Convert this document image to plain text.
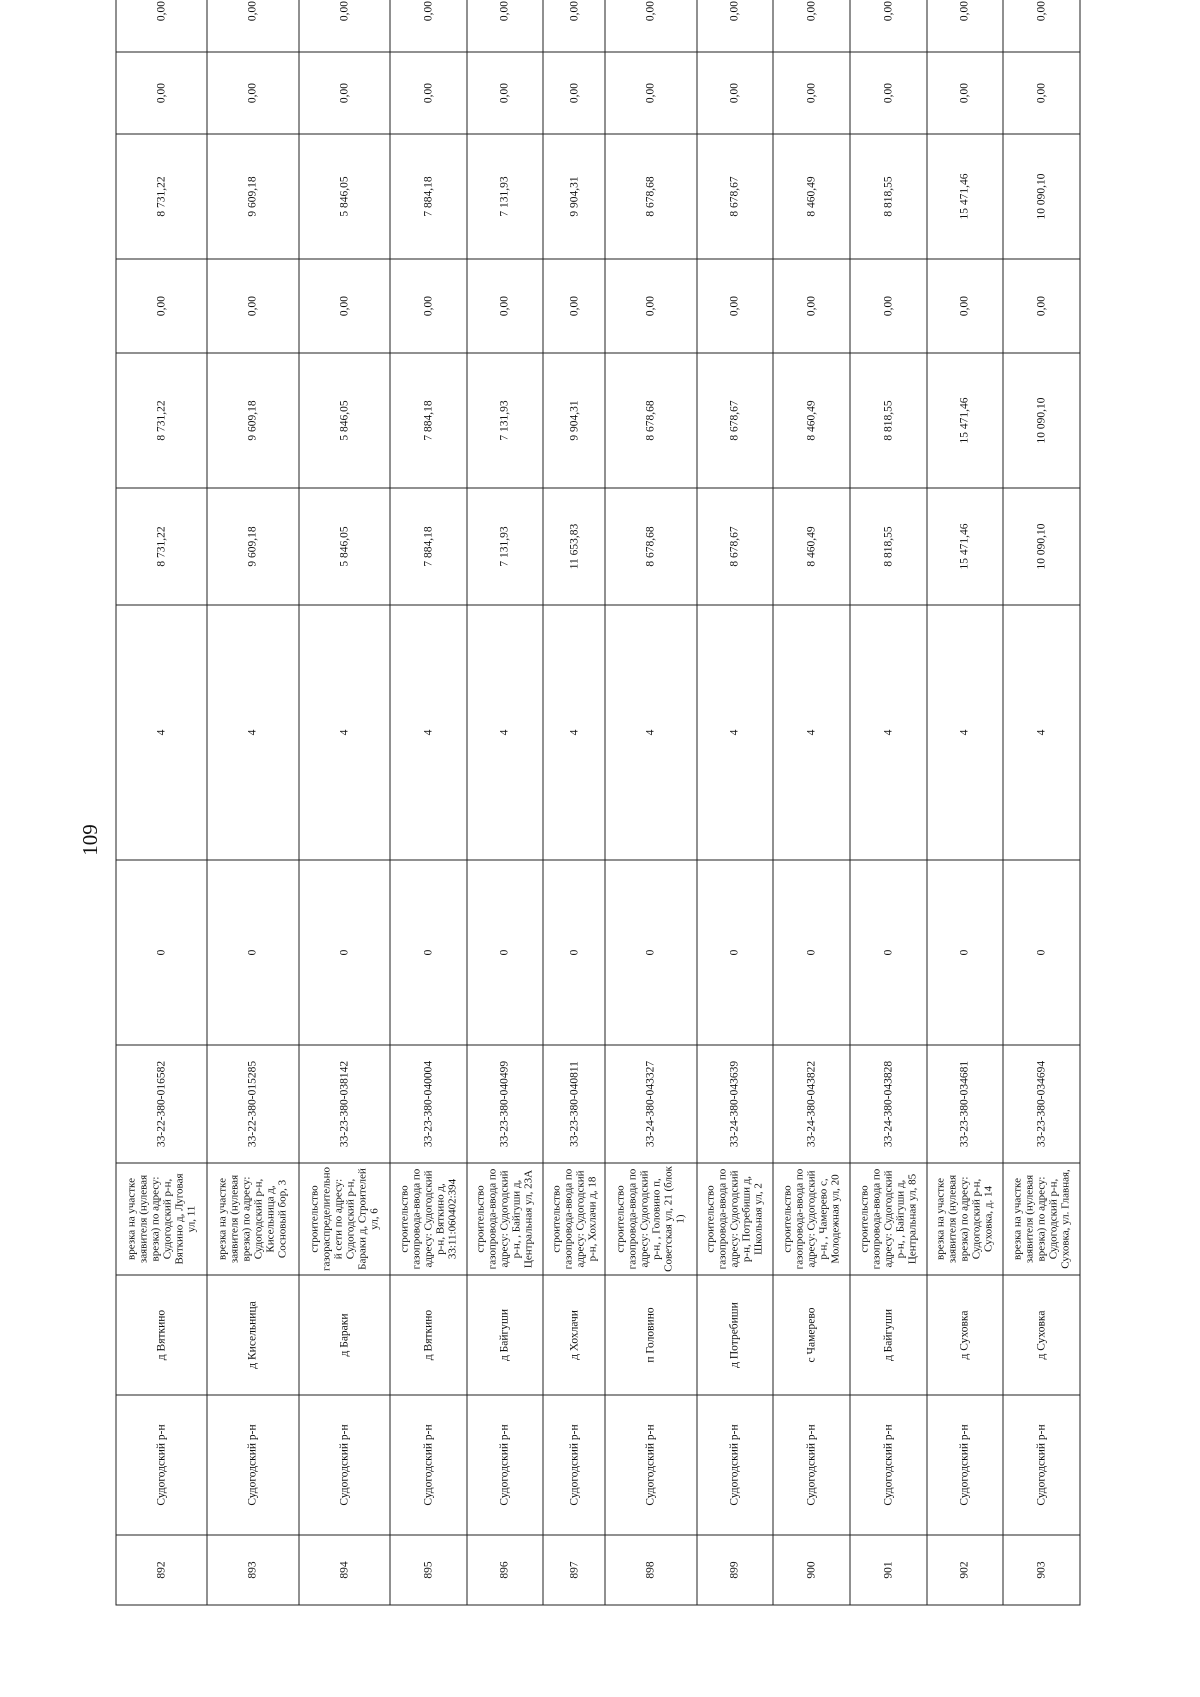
109
892	Судогодский р-н	д Вяткино	врезка на участке заявителя (нулевая врезка) по адресу: Судогодский р-н, Вяткино д, Луговая ул, 11	33-22-380-016582	0	4	8 731,22	8 731,22	0,00	8 731,22	0,00	0,00
893	Судогодский р-н	д Кисельница	врезка на участке заявителя (нулевая врезка) по адресу: Судогодский р-н, Кисельница д, Сосновый бор, 3	33-22-380-015285	0	4	9 609,18	9 609,18	0,00	9 609,18	0,00	0,00
894	Судогодский р-н	д Бараки	строительство газораспределительной сети по адресу: Судогодский р-н, Бараки д, Строителей ул, 6	33-23-380-038142	0	4	5 846,05	5 846,05	0,00	5 846,05	0,00	0,00
895	Судогодский р-н	д Вяткино	строительство газопровода-ввода по адресу: Судогодский р-н, Вяткино д, 33:11:060402:394	33-23-380-040004	0	4	7 884,18	7 884,18	0,00	7 884,18	0,00	0,00
896	Судогодский р-н	д Байгуши	строительство газопровода-ввода по адресу: Судогодский р-н, , Байгуши д, Центральная ул, 23А	33-23-380-040499	0	4	7 131,93	7 131,93	0,00	7 131,93	0,00	0,00
897	Судогодский р-н	д Хохлачи	строительство газопровода-ввода по адресу: Судогодский р-н, Хохлачи д, 18	33-23-380-040811	0	4	11 653,83	9 904,31	0,00	9 904,31	0,00	0,00
898	Судогодский р-н	п Головино	строительство газопровода-ввода по адресу: Судогодский р-н, , Головино п, Советская ул, 21 (блок 1)	33-24-380-043327	0	4	8 678,68	8 678,68	0,00	8 678,68	0,00	0,00
899	Судогодский р-н	д Потребиши	строительство газопровода-ввода по адресу: Судогодский р-н, Потребиши д, Школьная ул, 2	33-24-380-043639	0	4	8 678,67	8 678,67	0,00	8 678,67	0,00	0,00
900	Судогодский р-н	с Чамерево	строительство газопровода-ввода по адресу: Судогодский р-н, , Чамерево с, Молодежная ул, 20	33-24-380-043822	0	4	8 460,49	8 460,49	0,00	8 460,49	0,00	0,00
901	Судогодский р-н	д Байгуши	строительство газопровода-ввода по адресу: Судогодский р-н, , Байгуши д, Центральная ул, 85	33-24-380-043828	0	4	8 818,55	8 818,55	0,00	8 818,55	0,00	0,00
902	Судогодский р-н	д Суховка	врезка на участке заявителя (нулевая врезка) по адресу: Судогодский р-н, Суховка, д. 14	33-23-380-034681	0	4	15 471,46	15 471,46	0,00	15 471,46	0,00	0,00
903	Судогодский р-н	д Суховка	врезка на участке заявителя (нулевая врезка) по адресу: Судогодский р-н, Суховка, ул. Главная,	33-23-380-034694	0	4	10 090,10	10 090,10	0,00	10 090,10	0,00	0,00
